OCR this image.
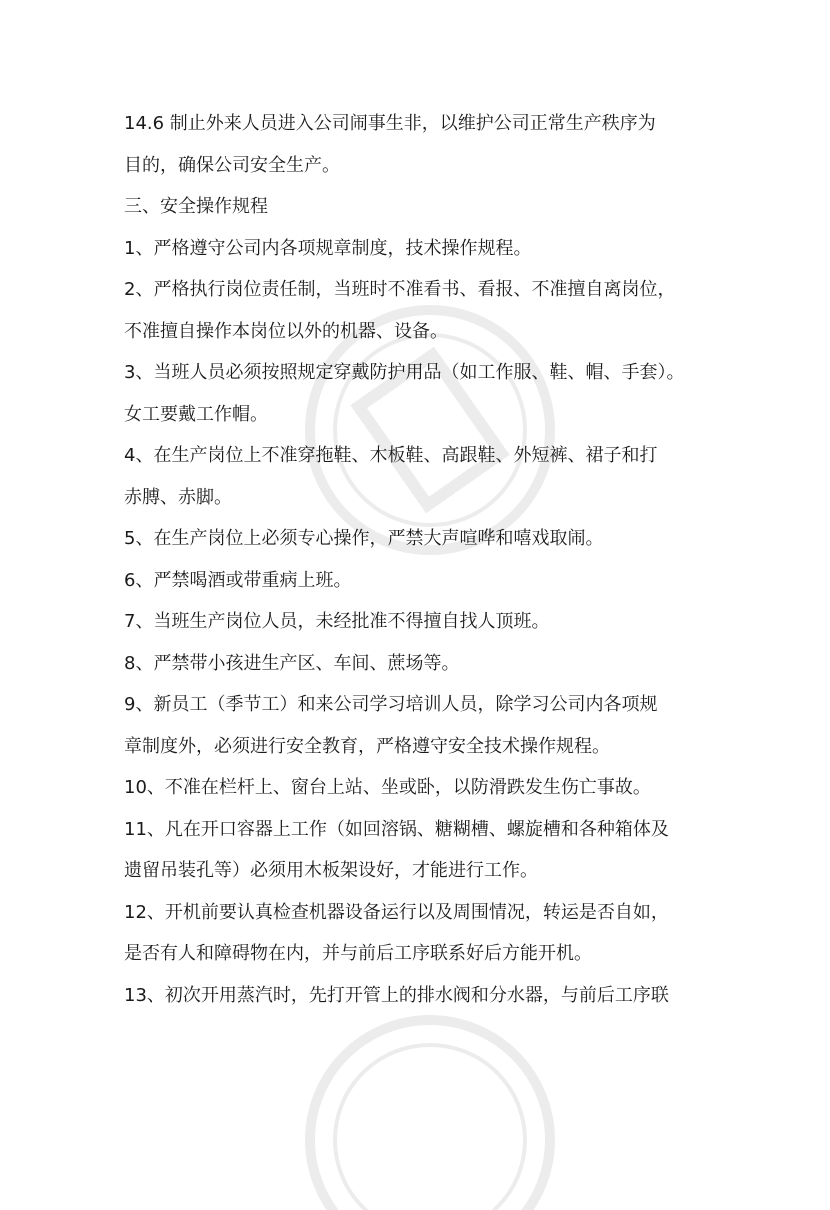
14.6 制止外来人员进入公司闹事生非，以维护公司正常生产秩序为
目的，确保公司安全生产。
三、安全操作规程
1、严格遵守公司内各项规章制度，技术操作规程。
2、严格执行岗位责任制，当班时不准看书、看报、不准擅自离岗位，
不准擅自操作本岗位以外的机器、设备。
3、当班人员必须按照规定穿戴防护用品（如工作服、鞋、帽、手套）。
女工要戴工作帽。
4、在生产岗位上不准穿拖鞋、木板鞋、高跟鞋、外短裤、裙子和打
赤膊、赤脚。
5、在生产岗位上必须专心操作，严禁大声喧哗和嘻戏取闹。
6、严禁喝酒或带重病上班。
7、当班生产岗位人员，未经批准不得擅自找人顶班。
8、严禁带小孩进生产区、车间、蔗场等。
9、新员工（季节工）和来公司学习培训人员，除学习公司内各项规
章制度外，必须进行安全教育，严格遵守安全技术操作规程。
10、不准在栏杆上、窗台上站、坐或卧，以防滑跌发生伤亡事故。
11、凡在开口容器上工作（如回溶锅、糖糊槽、螺旋槽和各种箱体及
遗留吊装孔等）必须用木板架设好，才能进行工作。
12、开机前要认真检查机器设备运行以及周围情况，转运是否自如，
是否有人和障碍物在内，并与前后工序联系好后方能开机。
13、初次开用蒸汽时，先打开管上的排水阀和分水器，与前后工序联
